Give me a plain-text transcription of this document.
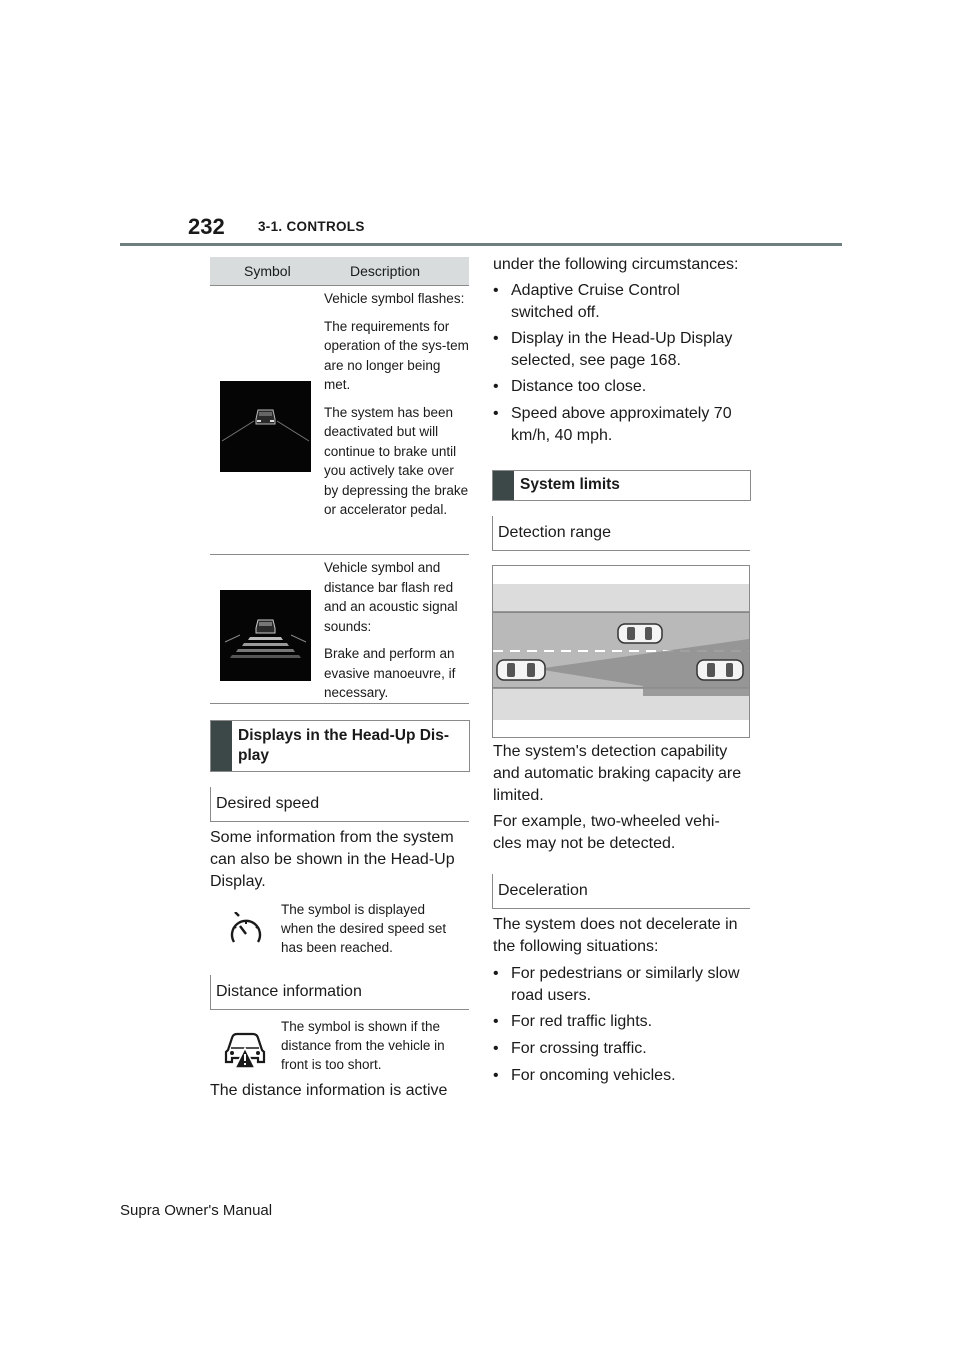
232 3-1. CONTROLS
Symbol	Description

Vehicle symbol flashes:

The requirements for operation of the sys-tem are no longer being met.

The system has been deactivated but will continue to brake until you actively take over by depressing the brake or accelerator pedal.

Vehicle symbol and distance bar flash red and an acoustic signal sounds:

Brake and perform an evasive manoeuvre, if necessary.

Displays in the Head-Up Dis-
play
Desired speed
Some information from the system
can also be shown in the Head-Up
Display.
The symbol is displayed
when the desired speed set
has been reached.
Distance information
The symbol is shown if the
distance from the vehicle in
front is too short.
The distance information is active
under the following circumstances:
• Adaptive Cruise Control
switched off.
• Display in the Head-Up Display
selected, see page 168.
• Distance too close.
• Speed above approximately 70
km/h, 40 mph.
System limits
Detection range
The system's detection capability
and automatic braking capacity are
limited.
For example, two-wheeled vehi-
cles may not be detected.
Deceleration
The system does not decelerate in
the following situations:
• For pedestrians or similarly slow
road users.
• For red traffic lights.
• For crossing traffic.
• For oncoming vehicles.
Supra Owner's Manual
